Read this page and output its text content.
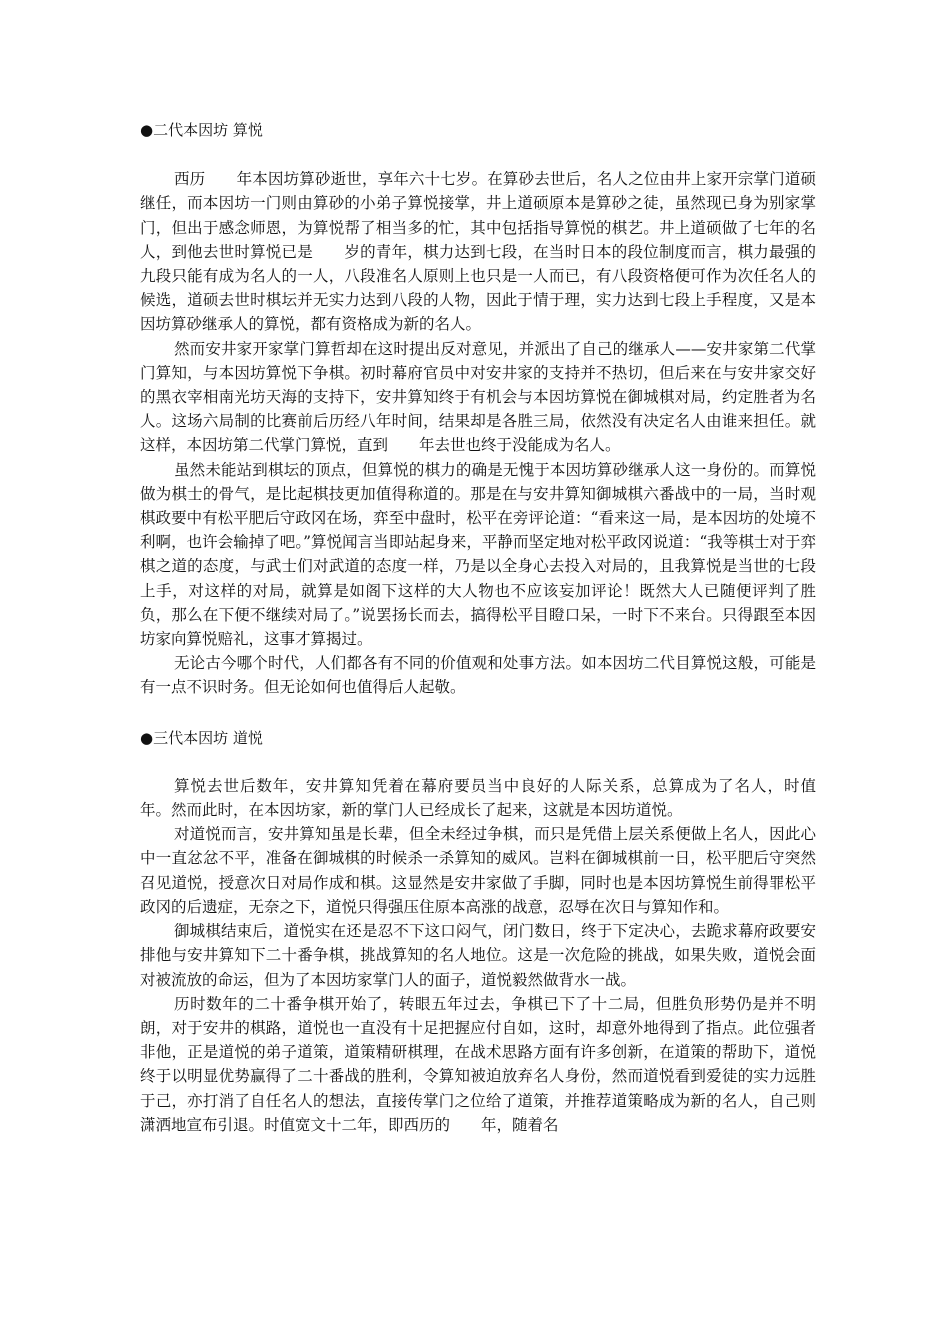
●二代本因坊 算悦

西历　　年本因坊算砂逝世，享年六十七岁。在算砂去世后，名人之位由井上家开宗掌门道硕继任，而本因坊一门则由算砂的小弟子算悦接掌，井上道硕原本是算砂之徒，虽然现已身为别家掌门，但出于感念师恩，为算悦帮了相当多的忙，其中包括指导算悦的棋艺。井上道硕做了七年的名人，到他去世时算悦已是　　岁的青年，棋力达到七段，在当时日本的段位制度而言，棋力最强的九段只能有成为名人的一人，八段准名人原则上也只是一人而已，有八段资格便可作为次任名人的候选，道硕去世时棋坛并无实力达到八段的人物，因此于情于理，实力达到七段上手程度，又是本因坊算砂继承人的算悦，都有资格成为新的名人。

然而安井家开家掌门算哲却在这时提出反对意见，并派出了自己的继承人——安井家第二代掌门算知，与本因坊算悦下争棋。初时幕府官员中对安井家的支持并不热切，但后来在与安井家交好的黑衣宰相南光坊天海的支持下，安井算知终于有机会与本因坊算悦在御城棋对局，约定胜者为名人。这场六局制的比赛前后历经八年时间，结果却是各胜三局，依然没有决定名人由谁来担任。就这样，本因坊第二代掌门算悦，直到　　年去世也终于没能成为名人。

虽然未能站到棋坛的顶点，但算悦的棋力的确是无愧于本因坊算砂继承人这一身份的。而算悦做为棋士的骨气，是比起棋技更加值得称道的。那是在与安井算知御城棋六番战中的一局，当时观棋政要中有松平肥后守政冈在场，弈至中盘时，松平在旁评论道：“看来这一局，是本因坊的处境不利啊，也许会输掉了吧。”算悦闻言当即站起身来，平静而坚定地对松平政冈说道：“我等棋士对于弈棋之道的态度，与武士们对武道的态度一样，乃是以全身心去投入对局的，且我算悦是当世的七段上手，对这样的对局，就算是如阁下这样的大人物也不应该妄加评论！既然大人已随便评判了胜负，那么在下便不继续对局了。”说罢扬长而去，搞得松平目瞪口呆，一时下不来台。只得跟至本因坊家向算悦赔礼，这事才算揭过。

无论古今哪个时代，人们都各有不同的价值观和处事方法。如本因坊二代目算悦这般，可能是有一点不识时务。但无论如何也值得后人起敬。

●三代本因坊 道悦

算悦去世后数年，安井算知凭着在幕府要员当中良好的人际关系，总算成为了名人，时值　　年。然而此时，在本因坊家，新的掌门人已经成长了起来，这就是本因坊道悦。

对道悦而言，安井算知虽是长辈，但全未经过争棋，而只是凭借上层关系便做上名人，因此心中一直忿忿不平，准备在御城棋的时候杀一杀算知的威风。岂料在御城棋前一日，松平肥后守突然召见道悦，授意次日对局作成和棋。这显然是安井家做了手脚，同时也是本因坊算悦生前得罪松平政冈的后遗症，无奈之下，道悦只得强压住原本高涨的战意，忍辱在次日与算知作和。

御城棋结束后，道悦实在还是忍不下这口闷气，闭门数日，终于下定决心，去跪求幕府政要安排他与安井算知下二十番争棋，挑战算知的名人地位。这是一次危险的挑战，如果失败，道悦会面对被流放的命运，但为了本因坊家掌门人的面子，道悦毅然做背水一战。

历时数年的二十番争棋开始了，转眼五年过去，争棋已下了十二局，但胜负形势仍是并不明朗，对于安井的棋路，道悦也一直没有十足把握应付自如，这时，却意外地得到了指点。此位强者非他，正是道悦的弟子道策，道策精研棋理，在战术思路方面有许多创新，在道策的帮助下，道悦终于以明显优势赢得了二十番战的胜利，令算知被迫放弃名人身份，然而道悦看到爱徒的实力远胜于己，亦打消了自任名人的想法，直接传掌门之位给了道策，并推荐道策略成为新的名人，自己则潇洒地宣布引退。时值宽文十二年，即西历的　　年，随着名
